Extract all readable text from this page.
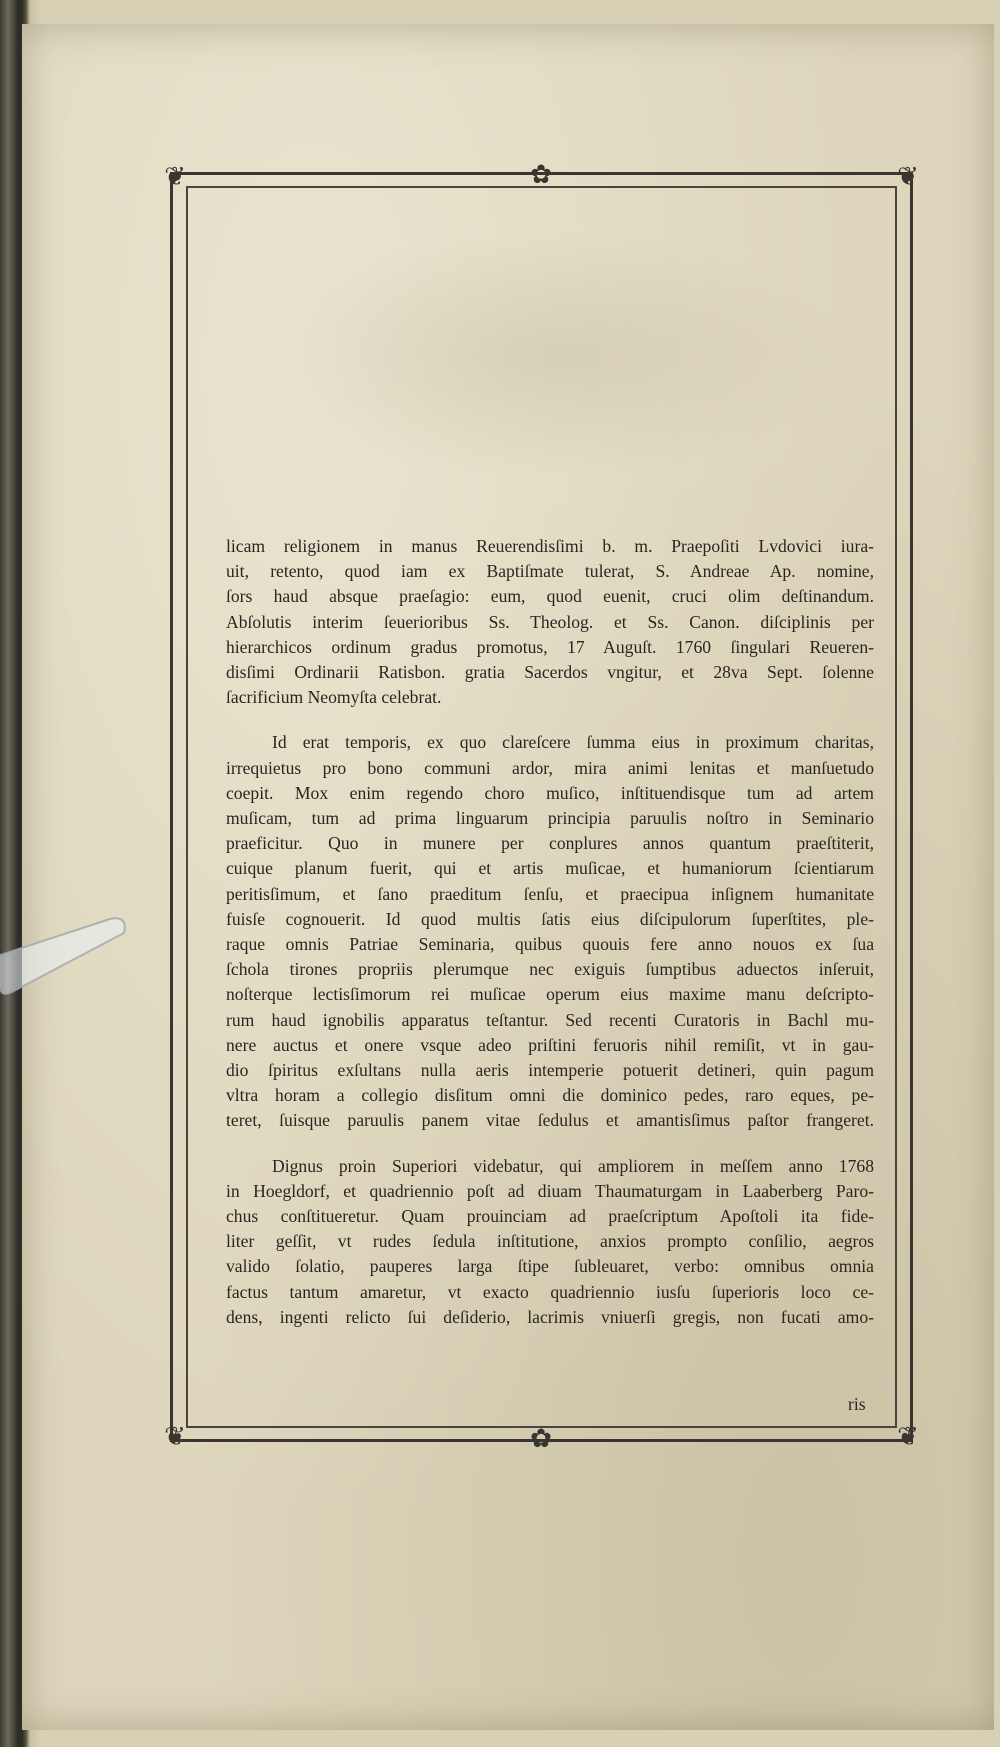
❦	❦
❦	❦
✿
✿
licam religionem in manus Reuerendisſimi b. m. Praepoſiti Lvdovici iura-
uit, retento, quod iam ex Baptiſmate tulerat, S. Andreae Ap. nomine,
ſors haud absque praeſagio: eum, quod euenit, cruci olim deſtinandum.
Abſolutis interim ſeuerioribus Ss. Theolog. et Ss. Canon. diſciplinis per
hierarchicos ordinum gradus promotus, 17 Auguſt. 1760 ſingulari Reueren-
disſimi Ordinarii Ratisbon. gratia Sacerdos vngitur, et 28va Sept. ſolenne
ſacrificium Neomyſta celebrat.
Id erat temporis, ex quo clareſcere ſumma eius in proximum charitas,
irrequietus pro bono communi ardor, mira animi lenitas et manſuetudo
coepit. Mox enim regendo choro muſico, inſtituendisque tum ad artem
muſicam, tum ad prima linguarum principia paruulis noſtro in Seminario
praeficitur. Quo in munere per conplures annos quantum praeſtiterit,
cuique planum fuerit, qui et artis muſicae, et humaniorum ſcientiarum
peritisſimum, et ſano praeditum ſenſu, et praecipua inſignem humanitate
fuisſe cognouerit. Id quod multis ſatis eius diſcipulorum ſuperſtites, ple-
raque omnis Patriae Seminaria, quibus quouis fere anno nouos ex ſua
ſchola tirones propriis plerumque nec exiguis ſumptibus aduectos inſeruit,
noſterque lectisſimorum rei muſicae operum eius maxime manu deſcripto-
rum haud ignobilis apparatus teſtantur. Sed recenti Curatoris in Bachl mu-
nere auctus et onere vsque adeo priſtini feruoris nihil remiſit, vt in gau-
dio ſpiritus exſultans nulla aeris intemperie potuerit detineri, quin pagum
vltra horam a collegio disſitum omni die dominico pedes, raro eques, pe-
teret, ſuisque paruulis panem vitae ſedulus et amantisſimus paſtor frangeret.
Dignus proin Superiori videbatur, qui ampliorem in meſſem anno 1768
in Hoegldorf, et quadriennio poſt ad diuam Thaumaturgam in Laaberberg Paro-
chus conſtitueretur. Quam prouinciam ad praeſcriptum Apoſtoli ita fide-
liter geſſit, vt rudes ſedula inſtitutione, anxios prompto conſilio, aegros
valido ſolatio, pauperes larga ſtipe ſubleuaret, verbo: omnibus omnia
factus tantum amaretur, vt exacto quadriennio iusſu ſuperioris loco ce-
dens, ingenti relicto ſui deſiderio, lacrimis vniuerſi gregis, non fucati amo-
ris
